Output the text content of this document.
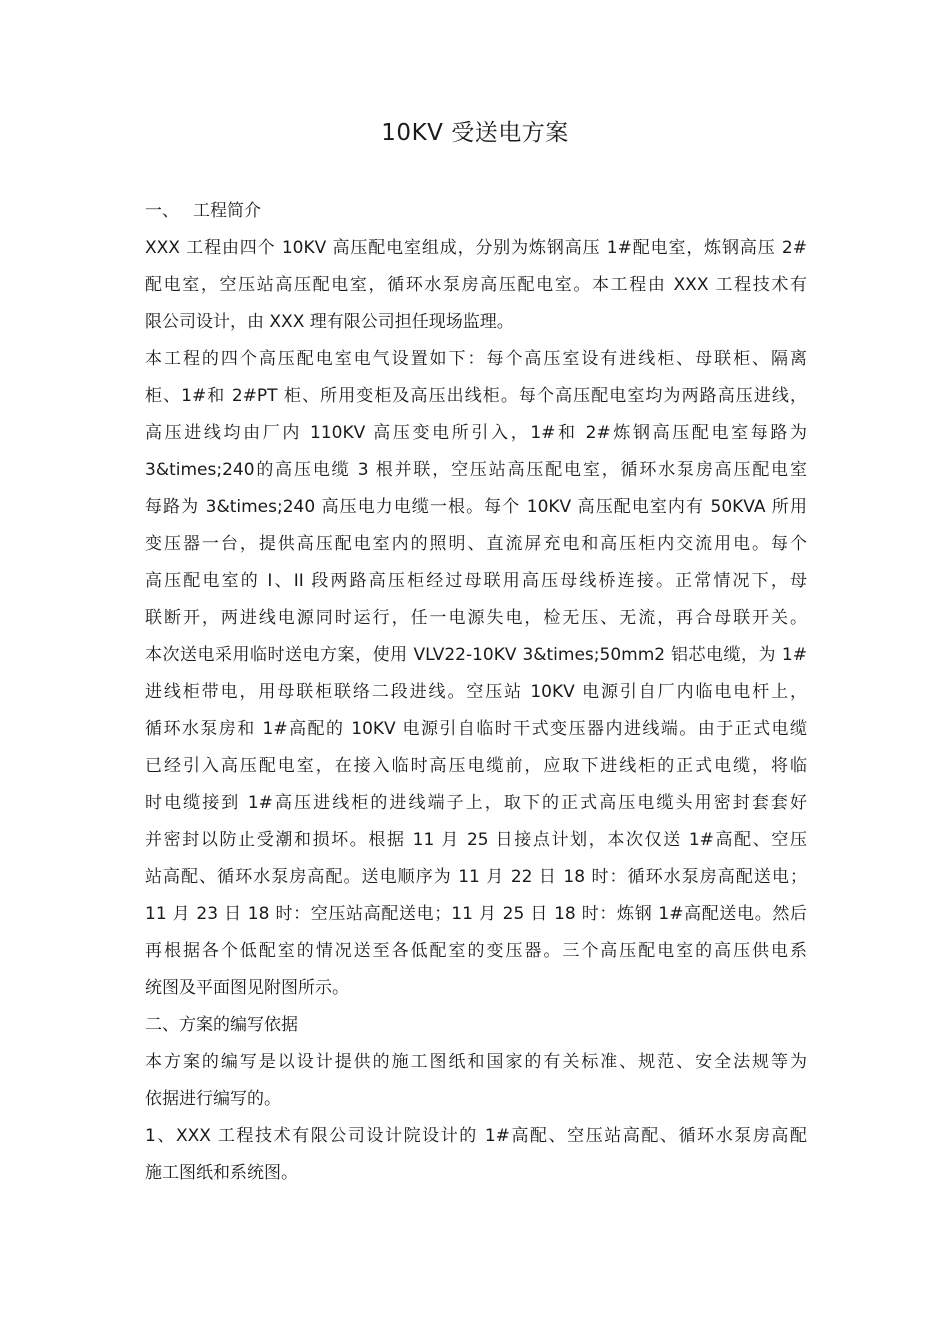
10KV 受送电方案
一、 工程简介
XXX 工程由四个 10KV 高压配电室组成，分别为炼钢高压 1#配电室，炼钢高压 2#
配电室，空压站高压配电室，循环水泵房高压配电室。本工程由 XXX 工程技术有
限公司设计，由 XXX 理有限公司担任现场监理。
本工程的四个高压配电室电气设置如下：每个高压室设有进线柜、母联柜、隔离
柜、1#和 2#PT 柜、所用变柜及高压出线柜。每个高压配电室均为两路高压进线，
高压进线均由厂内 110KV 高压变电所引入，1#和 2#炼钢高压配电室每路为
3&times;240的高压电缆 3 根并联，空压站高压配电室，循环水泵房高压配电室
每路为 3&times;240 高压电力电缆一根。每个 10KV 高压配电室内有 50KVA 所用
变压器一台，提供高压配电室内的照明、直流屏充电和高压柜内交流用电。每个
高压配电室的 I、II 段两路高压柜经过母联用高压母线桥连接。正常情况下，母
联断开，两进线电源同时运行，任一电源失电，检无压、无流，再合母联开关。
本次送电采用临时送电方案，使用 VLV22-10KV 3&times;50mm2 铝芯电缆，为 1#
进线柜带电，用母联柜联络二段进线。空压站 10KV 电源引自厂内临电电杆上，
循环水泵房和 1#高配的 10KV 电源引自临时干式变压器内进线端。由于正式电缆
已经引入高压配电室，在接入临时高压电缆前，应取下进线柜的正式电缆，将临
时电缆接到 1#高压进线柜的进线端子上，取下的正式高压电缆头用密封套套好
并密封以防止受潮和损坏。根据 11 月 25 日接点计划，本次仅送 1#高配、空压
站高配、循环水泵房高配。送电顺序为 11 月 22 日 18 时：循环水泵房高配送电；
11 月 23 日 18 时：空压站高配送电；11 月 25 日 18 时：炼钢 1#高配送电。然后
再根据各个低配室的情况送至各低配室的变压器。三个高压配电室的高压供电系
统图及平面图见附图所示。
二、方案的编写依据
本方案的编写是以设计提供的施工图纸和国家的有关标准、规范、安全法规等为
依据进行编写的。
1、XXX 工程技术有限公司设计院设计的 1#高配、空压站高配、循环水泵房高配
施工图纸和系统图。
